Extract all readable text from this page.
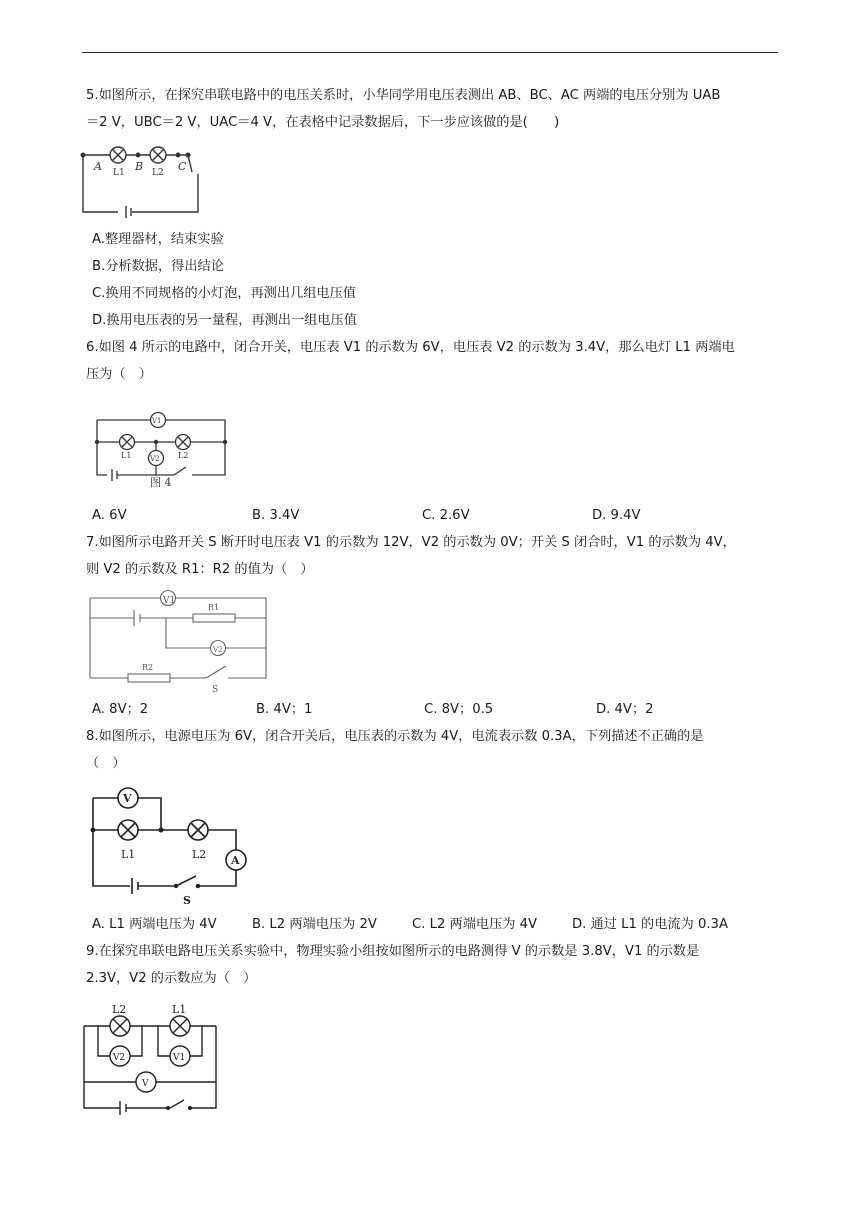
5.如图所示，在探究串联电路中的电压关系时，小华同学用电压表测出 AB、BC、AC 两端的电压分别为 UAB
＝2 V，UBC＝2 V，UAC＝4 V，在表格中记录数据后，下一步应该做的是(　　)
A	B	C
L1	L2
A.整理器材，结束实验
B.分析数据，得出结论
C.换用不同规格的小灯泡，再测出几组电压值
D.换用电压表的另一量程，再测出一组电压值
6.如图 4 所示的电路中，闭合开关，电压表 V1 的示数为 6V，电压表 V2 的示数为 3.4V，那么电灯 L1 两端电
压为（　）
V1
V2
L1	L2
图 4
A. 6V	B. 3.4V	C. 2.6V	D. 9.4V
7.如图所示电路开关 S 断开时电压表 V1 的示数为 12V，V2 的示数为 0V；开关 S 闭合时，V1 的示数为 4V，
则 V2 的示数及 R1：R2 的值为（　）
V1
V2
R1
R2
S
A. 8V；2	B. 4V；1	C. 8V；0.5	D. 4V；2
8.如图所示，电源电压为 6V，闭合开关后，电压表的示数为 4V，电流表示数 0.3A，下列描述不正确的是
（　）
V
A
L1	L2
S
A. L1 两端电压为 4V	B. L2 两端电压为 2V	C. L2 两端电压为 4V	D. 通过 L1 的电流为 0.3A
9.在探究串联电路电压关系实验中，物理实验小组按如图所示的电路测得 V 的示数是 3.8V，V1 的示数是
2.3V，V2 的示数应为（　）
L2	L1
V2	V1
V
